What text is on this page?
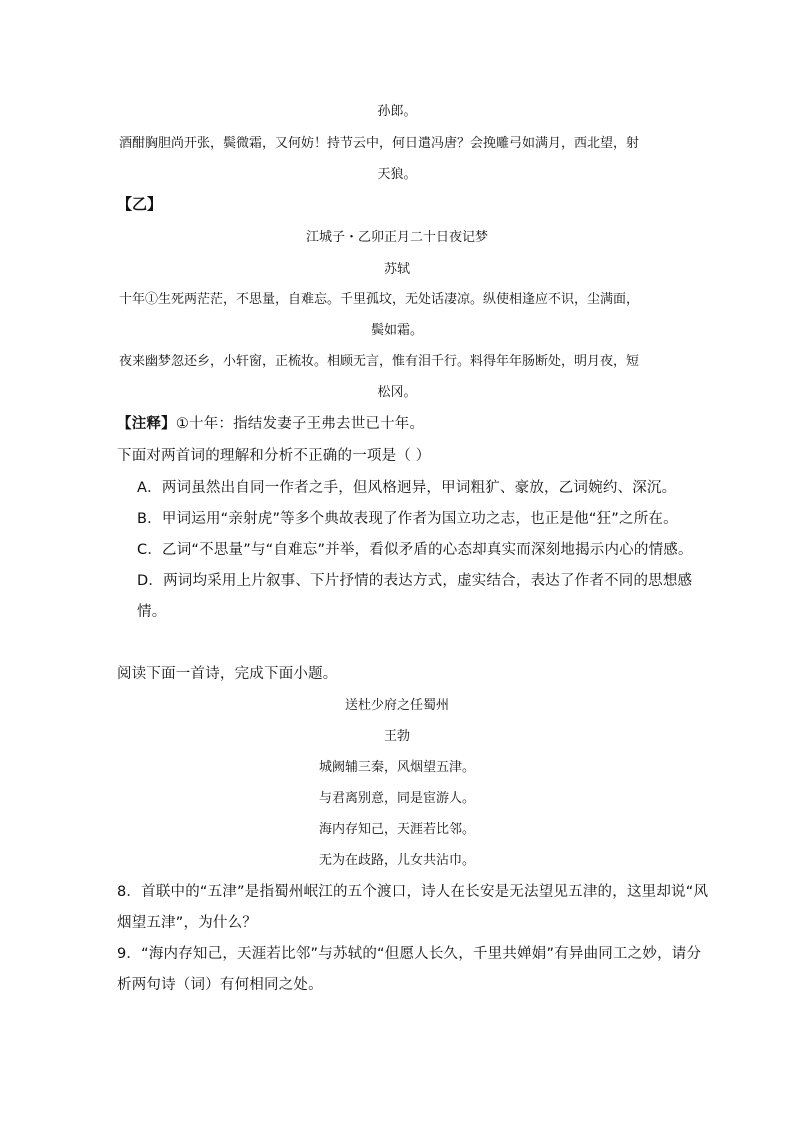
孙郎。
酒酣胸胆尚开张，鬓微霜，又何妨！持节云中，何日遣冯唐？会挽雕弓如满月，西北望，射
天狼。
【乙】
江城子・乙卯正月二十日夜记梦
苏轼
十年①生死两茫茫，不思量，自难忘。千里孤坟，无处话凄凉。纵使相逢应不识，尘满面，
鬓如霜。
夜来幽梦忽还乡，小轩窗，正梳妆。相顾无言，惟有泪千行。料得年年肠断处，明月夜，短
松冈。
【注释】①十年：指结发妻子王弗去世已十年。
下面对两首词的理解和分析不正确的一项是（ ）
A．两词虽然出自同一作者之手，但风格迥异，甲词粗犷、豪放，乙词婉约、深沉。
B．甲词运用“亲射虎”等多个典故表现了作者为国立功之志，也正是他“狂”之所在。
C．乙词“不思量”与“自难忘”并举，看似矛盾的心态却真实而深刻地揭示内心的情感。
D．两词均采用上片叙事、下片抒情的表达方式，虚实结合，表达了作者不同的思想感
情。
阅读下面一首诗，完成下面小题。
送杜少府之任蜀州
王勃
城阙辅三秦，风烟望五津。
与君离别意，同是宦游人。
海内存知己，天涯若比邻。
无为在歧路，儿女共沾巾。
8．首联中的“五津”是指蜀州岷江的五个渡口，诗人在长安是无法望见五津的，这里却说“风
烟望五津”，为什么？
9．“海内存知己，天涯若比邻”与苏轼的“但愿人长久，千里共婵娟”有异曲同工之妙，请分
析两句诗（词）有何相同之处。
